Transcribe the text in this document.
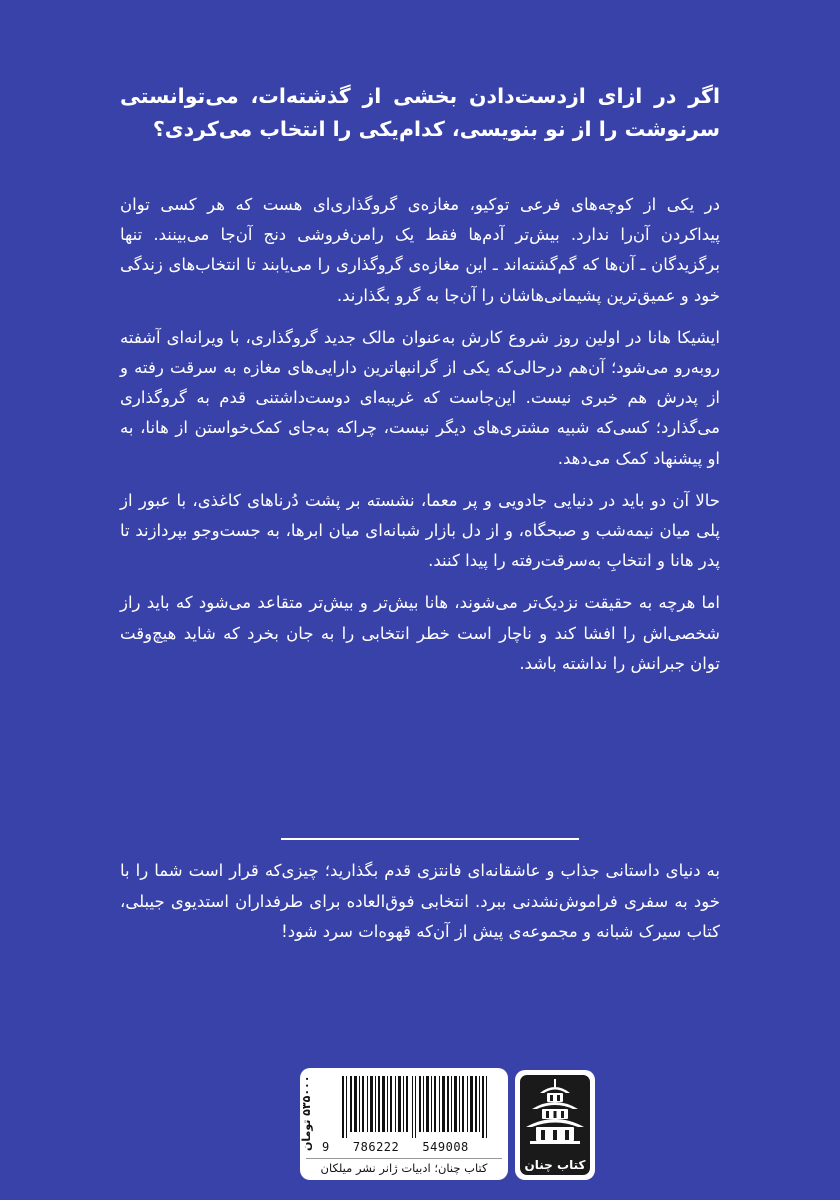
اگر در ازای ازدست‌دادن بخشی از گذشته‌ات، می‌توانستی سرنوشت را از نو بنویسی، کدام‌یکی را انتخاب می‌کردی؟

در یکی از کوچه‌های فرعی توکیو، مغازه‌ی گروگذاری‌ای هست که هر کسی توان پیداکردن آن‌را ندارد. بیش‌تر آدم‌ها فقط یک رامن‌فروشی دنج آن‌جا می‌بینند. تنها برگزیدگان ـ آن‌ها که گم‌گشته‌اند ـ این مغازه‌ی گروگذاری را می‌یابند تا انتخاب‌های زندگی خود و عمیق‌ترین پشیمانی‌هاشان را آن‌جا به گرو بگذارند.

ایشیکا هانا در اولین روز شروع کارش به‌عنوان مالک جدید گروگذاری، با ویرانه‌ای آشفته روبه‌رو می‌شود؛ آن‌هم درحالی‌که یکی از گرانبهاترین دارایی‌های مغازه به سرقت رفته و از پدرش هم خبری نیست. این‌جاست که غریبه‌ای دوست‌داشتنی قدم به گروگذاری می‌گذارد؛ کسی‌که شبیه مشتری‌های دیگر نیست، چراکه به‌جای کمک‌خواستن از هانا، به او پیشنهاد کمک می‌دهد.

حالا آن دو باید در دنیایی جادویی و پر معما، نشسته بر پشت دُرناهای کاغذی، با عبور از پلی میان نیمه‌شب و صبحگاه، و از دل بازار شبانه‌ای میان ابرها، به جست‌وجو بپردازند تا پدر هانا و انتخابِ به‌سرقت‌رفته را پیدا کنند.

اما هرچه به حقیقت نزدیک‌تر می‌شوند، هانا بیش‌تر و بیش‌تر متقاعد می‌شود که باید راز شخصی‌اش را افشا کند و ناچار است خطر انتخابی را به جان بخرد که شاید هیچ‌وقت توان جبرانش را نداشته باشد.

به دنیای داستانی جذاب و عاشقانه‌ای فانتزی قدم بگذارید؛ چیزی‌که قرار است شما را با خود به سفری فراموش‌نشدنی ببرد. انتخابی فوق‌العاده برای طرفداران استدیوی جیبلی، کتاب سیرک شبانه و مجموعه‌ی پیش از آن‌که قهوه‌ات سرد شود!

کتاب چنان
۵۳۵۰۰۰ تومان
9   786222   549008
کتاب چنان؛ ادبیات ژانر نشر میلکان
